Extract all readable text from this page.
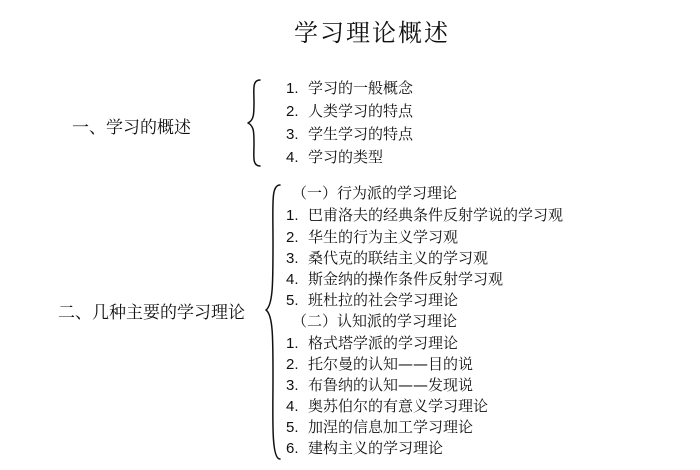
学习理论概述
一、学习的概述
1. 学习的一般概念
2. 人类学习的特点
3. 学生学习的特点
4. 学习的类型
二、几种主要的学习理论
（一）行为派的学习理论
1. 巴甫洛夫的经典条件反射学说的学习观
2. 华生的行为主义学习观
3. 桑代克的联结主义的学习观
4. 斯金纳的操作条件反射学习观
5. 班杜拉的社会学习理论
（二）认知派的学习理论
1. 格式塔学派的学习理论
2. 托尔曼的认知——目的说
3. 布鲁纳的认知——发现说
4. 奥苏伯尔的有意义学习理论
5. 加涅的信息加工学习理论
6. 建构主义的学习理论
